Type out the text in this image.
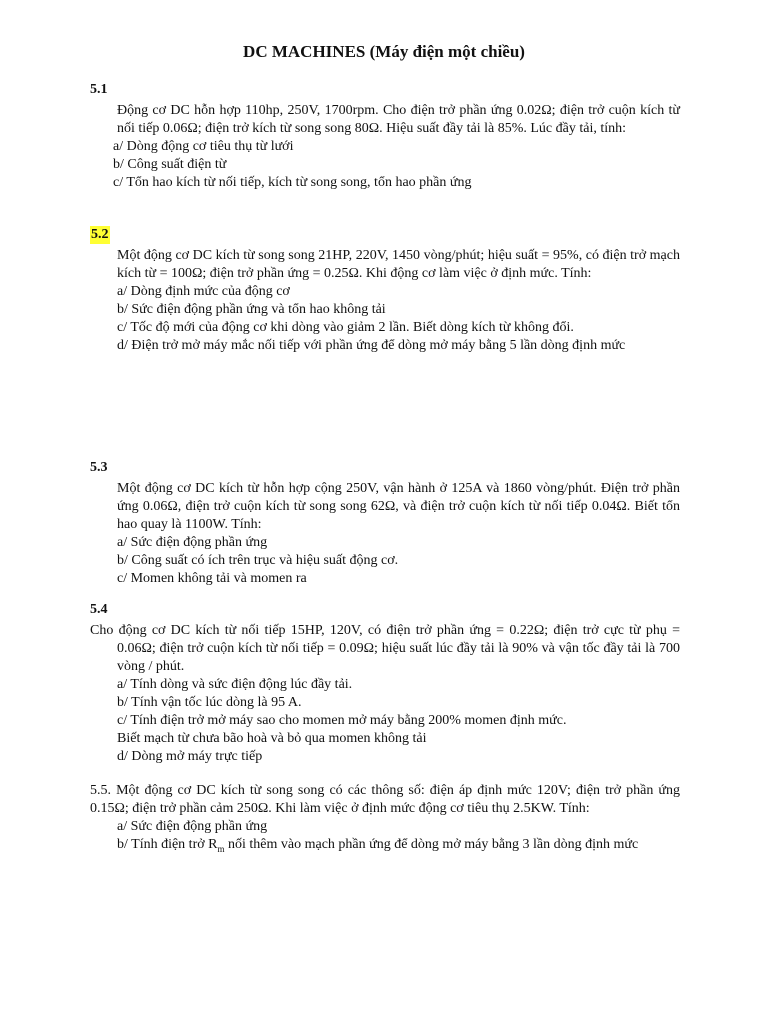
DC MACHINES (Máy điện một chiều)
5.1
Động cơ DC hỗn hợp 110hp, 250V, 1700rpm. Cho điện trở phần ứng 0.02Ω; điện trở cuộn kích từ nối tiếp 0.06Ω; điện trở kích từ song song 80Ω. Hiệu suất đầy tải là 85%. Lúc đầy tải, tính:
a/ Dòng động cơ tiêu thụ từ lưới
b/ Công suất điện từ
c/ Tổn hao kích từ nối tiếp, kích từ song song, tổn hao phần ứng
5.2
Một động cơ DC kích từ song song 21HP, 220V, 1450 vòng/phút; hiệu suất = 95%, có điện trở mạch kích từ = 100Ω; điện trở phần ứng = 0.25Ω. Khi động cơ làm việc ở định mức. Tính:
a/ Dòng định mức của động cơ
b/ Sức điện động phần ứng và tổn hao không tải
c/ Tốc độ mới của động cơ khi dòng vào giảm 2 lần. Biết dòng kích từ không đổi.
d/ Điện trở mở máy mắc nối tiếp với phần ứng để dòng mở máy bằng 5 lần dòng định mức
5.3
Một động cơ DC kích từ hỗn hợp cộng 250V, vận hành ở 125A và 1860 vòng/phút. Điện trở phần ứng 0.06Ω, điện trở cuộn kích từ song song 62Ω, và điện trở cuộn kích từ nối tiếp 0.04Ω. Biết tổn hao quay là 1100W. Tính:
a/ Sức điện động phần ứng
b/ Công suất có ích trên trục và hiệu suất động cơ.
c/ Momen không tải và momen ra
5.4
Cho động cơ DC kích từ nối tiếp 15HP, 120V, có điện trở phần ứng = 0.22Ω; điện trở cực từ phụ = 0.06Ω; điện trở cuộn kích từ nối tiếp = 0.09Ω; hiệu suất lúc đầy tải là 90% và vận tốc đầy tải là 700 vòng / phút.
a/ Tính dòng và sức điện động lúc đầy tải.
b/ Tính vận tốc lúc dòng là 95 A.
c/ Tính điện trở mở máy sao cho momen mở máy bằng 200% momen định mức.
Biết mạch từ chưa bão hoà và bỏ qua momen không tải
d/ Dòng mở máy trực tiếp
5.5. Một động cơ DC kích từ song song có các thông số: điện áp định mức 120V; điện trở phần ứng 0.15Ω; điện trở phần cảm 250Ω. Khi làm việc ở định mức động cơ tiêu thụ 2.5KW. Tính:
a/ Sức điện động phần ứng
b/ Tính điện trở $R_m$ nối thêm vào mạch phần ứng để dòng mở máy bằng 3 lần dòng định mức
